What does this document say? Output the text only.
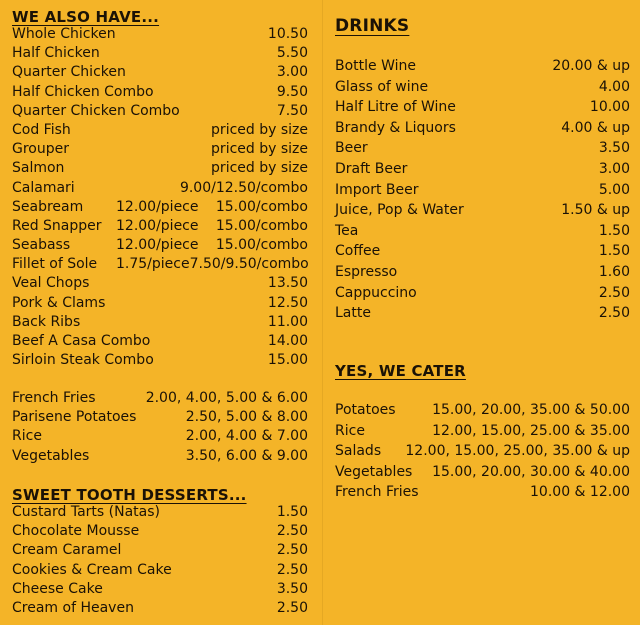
WE ALSO HAVE...
Whole Chicken	10.50
Half Chicken	5.50
Quarter Chicken	3.00
Half Chicken Combo	9.50
Quarter Chicken Combo	7.50
Cod Fish	priced by size
Grouper	priced by size
Salmon	priced by size
Calamari	9.00/12.50/combo
Seabream	12.00/piece	15.00/combo
Red Snapper	12.00/piece	15.00/combo
Seabass	12.00/piece	15.00/combo
Fillet of Sole	1.75/piece 7.50/9.50/combo
Veal Chops	13.50
Pork & Clams	12.50
Back Ribs	11.00
Beef A Casa Combo	14.00
Sirloin Steak Combo	15.00
French Fries	2.00, 4.00, 5.00 & 6.00
Parisene Potatoes	2.50, 5.00 & 8.00
Rice	2.00, 4.00 & 7.00
Vegetables	3.50, 6.00 & 9.00
SWEET TOOTH DESSERTS...
Custard Tarts (Natas)	1.50
Chocolate Mousse	2.50
Cream Caramel	2.50
Cookies & Cream Cake	2.50
Cheese Cake	3.50
Cream of Heaven	2.50
DRINKS
Bottle Wine	20.00 & up
Glass of wine	4.00
Half Litre of Wine	10.00
Brandy & Liquors	4.00 & up
Beer	3.50
Draft Beer	3.00
Import Beer	5.00
Juice, Pop & Water	1.50 & up
Tea	1.50
Coffee	1.50
Espresso	1.60
Cappuccino	2.50
Latte	2.50
YES, WE CATER
Potatoes	15.00, 20.00, 35.00 & 50.00
Rice	12.00, 15.00, 25.00 & 35.00
Salads 12.00, 15.00, 25.00, 35.00 & up
Vegetables 15.00, 20.00, 30.00 & 40.00
French Fries	10.00 & 12.00
